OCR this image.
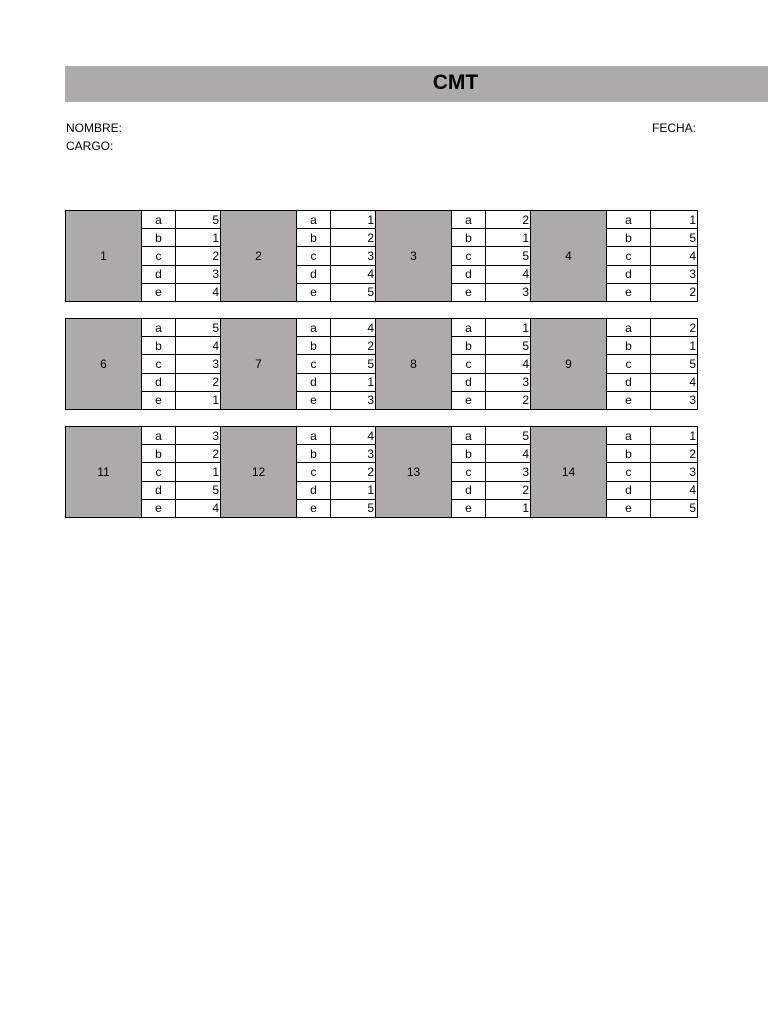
CMT
NOMBRE:
CARGO:
FECHA:
1	a	5	2	a	1	3	a	2	4	a	1
	b	1		b	2		b	1		b	5
	c	2		c	3		c	5		c	4
	d	3		d	4		d	4		d	3
	e	4		e	5		e	3		e	2
6	a	5	7	a	4	8	a	1	9	a	2
	b	4		b	2		b	5		b	1
	c	3		c	5		c	4		c	5
	d	2		d	1		d	3		d	4
	e	1		e	3		e	2		e	3
11	a	3	12	a	4	13	a	5	14	a	1
	b	2		b	3		b	4		b	2
	c	1		c	2		c	3		c	3
	d	5		d	1		d	2		d	4
	e	4		e	5		e	1		e	5
